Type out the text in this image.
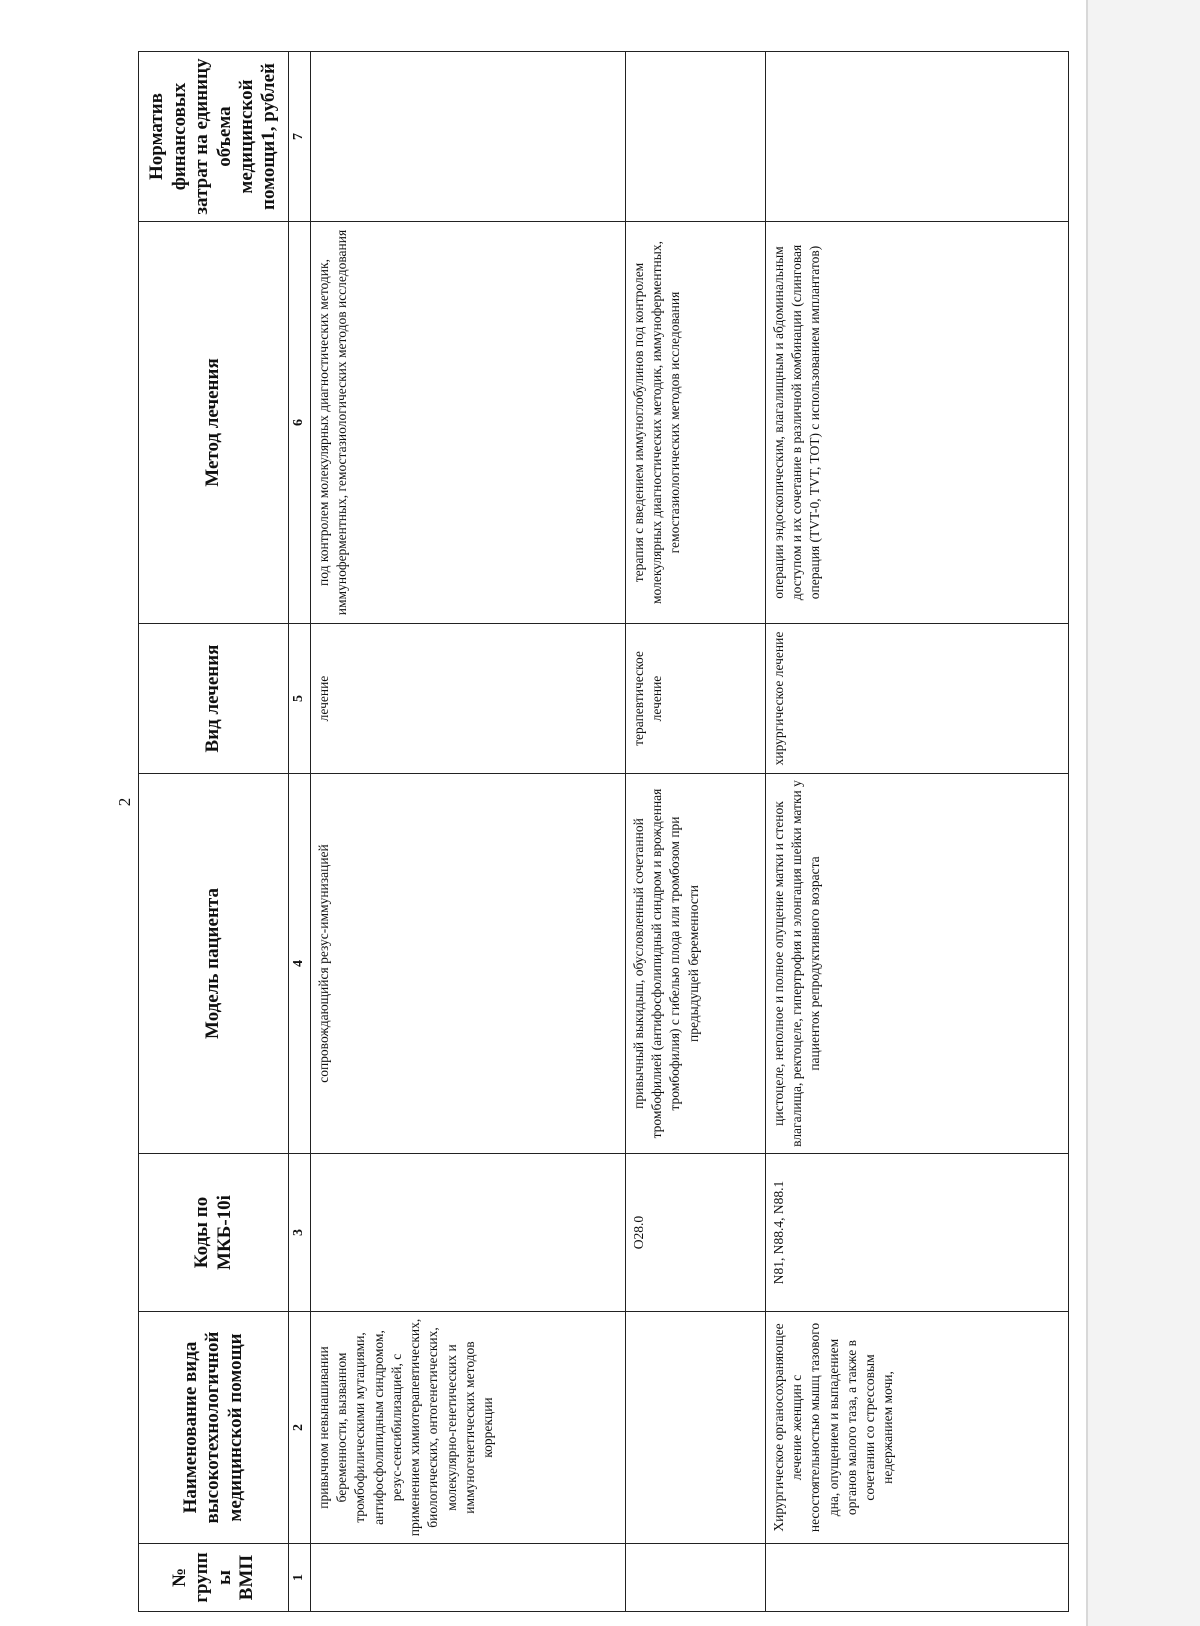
2
№ группы ВМП	Наименование вида высокотехнологичной медицинской помощи	Коды по МКБ-10i	Модель пациента	Вид лечения	Метод лечения	Норматив финансовых затрат на единицу объема медицинской помощи1, рублей
1	2	3	4	5	6	7
	привычном невынашивании беременности, вызванном тромбофилическими мутациями, антифосфолипидным синдромом, резус-сенсибилизацией, с применением химиотерапевтических, биологических, онтогенетических, молекулярно-генетических и иммуногенетических методов коррекции		сопровождающийся резус-иммунизацией	лечение	под контролем молекулярных диагностических методик, иммуноферментных, гемостазиологических методов исследования	
		O28.0	привычный выкидыш, обусловленный сочетанной тромбофилией (антифосфолипидный синдром и врожденная тромбофилия) с гибелью плода или тромбозом при предыдущей беременности	терапевтическое лечение	терапия с введением иммуноглобулинов под контролем молекулярных диагностических методик, иммуноферментных, гемостазиологических методов исследования	
	Хирургическое органосохраняющее лечение женщин с несостоятельностью мышц тазового дна, опущением и выпадением органов малого таза, а также в сочетании со стрессовым недержанием мочи,	N81, N88.4, N88.1	цистоцеле, неполное и полное опущение матки и стенок влагалища, ректоцеле, гипертрофия и элонгация шейки матки у пациенток репродуктивного возраста	хирургическое лечение	операции эндоскопическим, влагалищным и абдоминальным доступом и их сочетание в различной комбинации (слинговая операция (TVT-0, TVT, TOT) с использованием имплантатов)	
